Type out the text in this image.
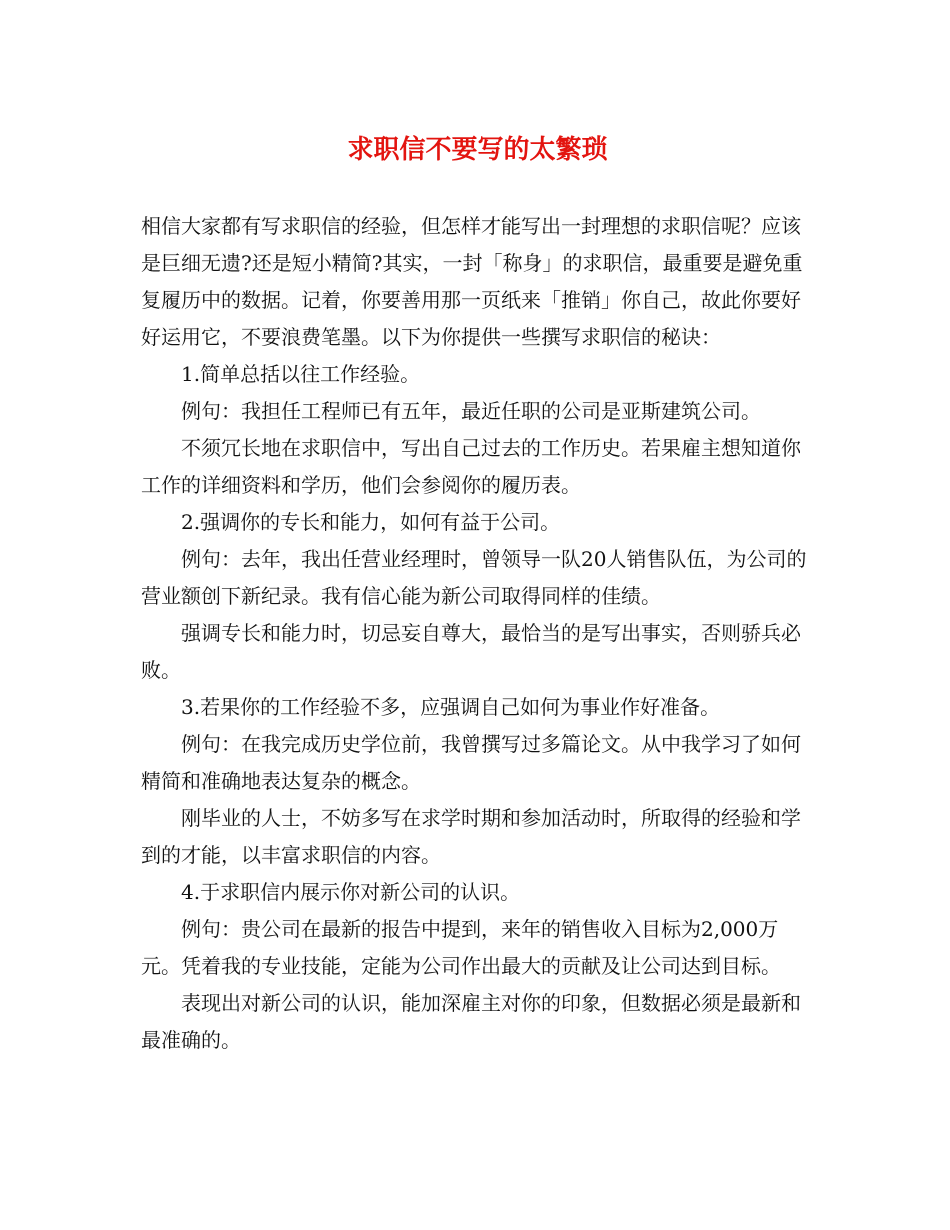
求职信不要写的太繁琐

相信大家都有写求职信的经验，但怎样才能写出一封理想的求职信呢？应该是巨细无遗?还是短小精简?其实，一封「称身」的求职信，最重要是避免重复履历中的数据。记着，你要善用那一页纸来「推销」你自己，故此你要好好运用它，不要浪费笔墨。以下为你提供一些撰写求职信的秘诀：

1.简单总括以往工作经验。

例句：我担任工程师已有五年，最近任职的公司是亚斯建筑公司。

不须冗长地在求职信中，写出自己过去的工作历史。若果雇主想知道你工作的详细资料和学历，他们会参阅你的履历表。

2.强调你的专长和能力，如何有益于公司。

例句：去年，我出任营业经理时，曾领导一队20人销售队伍，为公司的营业额创下新纪录。我有信心能为新公司取得同样的佳绩。

强调专长和能力时，切忌妄自尊大，最恰当的是写出事实，否则骄兵必败。

3.若果你的工作经验不多，应强调自己如何为事业作好准备。

例句：在我完成历史学位前，我曾撰写过多篇论文。从中我学习了如何精简和准确地表达复杂的概念。

刚毕业的人士，不妨多写在求学时期和参加活动时，所取得的经验和学到的才能，以丰富求职信的内容。

4.于求职信内展示你对新公司的认识。

例句：贵公司在最新的报告中提到，来年的销售收入目标为2,000万元。凭着我的专业技能，定能为公司作出最大的贡献及让公司达到目标。

表现出对新公司的认识，能加深雇主对你的印象，但数据必须是最新和最准确的。
